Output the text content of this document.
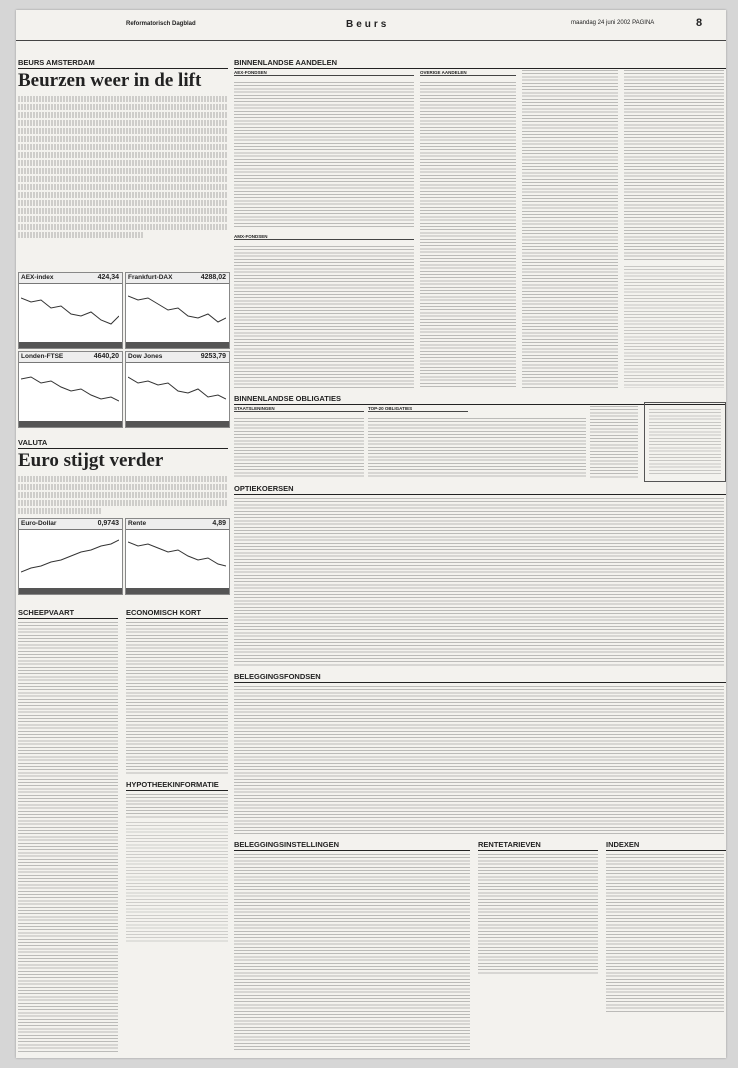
Reformatorisch Dagblad	Beurs	maandag 24 juni 2002 PAGINA	8
BEURS AMSTERDAM
Beurzen weer in de lift
AEX-index	424,34 Frankfurt-DAX	4288,02
Londen-FTSE	4640,20 Dow Jones	9253,79
VALUTA
Euro stijgt verder
Euro-Dollar	0,9743 Rente	4,89
SCHEEPVAART	ECONOMISCH KORT
HYPOTHEEKINFORMATIE
BINNENLANDSE AANDELEN
AEX-FONDSEN
AMX-FONDSEN
OVERIGE AANDELEN
BINNENLANDSE OBLIGATIES
STAATSLENINGEN	TOP-20 OBLIGATIES
OPTIEKOERSEN
BELEGGINGSFONDSEN
BELEGGINGSINSTELLINGEN	RENTETARIEVEN	INDEXEN
